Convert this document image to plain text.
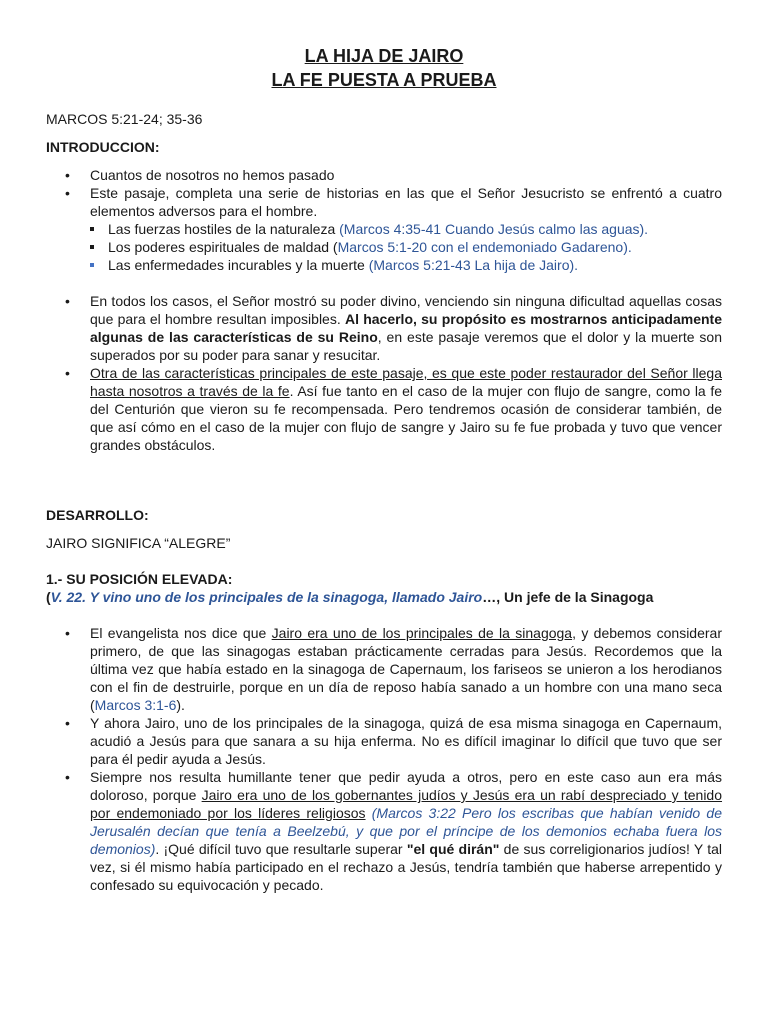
LA HIJA DE JAIRO

LA FE PUESTA A PRUEBA

MARCOS 5:21-24; 35-36

INTRODUCCION:

• Cuantos de nosotros no hemos pasado
• Este pasaje, completa una serie de historias en las que el Señor Jesucristo se enfrentó a cuatro elementos adversos para el hombre.
Las fuerzas hostiles de la naturaleza (Marcos 4:35-41 Cuando Jesús calmo las aguas).
Los poderes espirituales de maldad (Marcos 5:1-20 con el endemoniado Gadareno).
Las enfermedades incurables y la muerte (Marcos 5:21-43 La hija de Jairo).
• En todos los casos, el Señor mostró su poder divino, venciendo sin ninguna dificultad aquellas cosas que para el hombre resultan imposibles. Al hacerlo, su propósito es mostrarnos anticipadamente algunas de las características de su Reino, en este pasaje veremos que el dolor y la muerte son superados por su poder para sanar y resucitar.
• Otra de las características principales de este pasaje, es que este poder restaurador del Señor llega hasta nosotros a través de la fe. Así fue tanto en el caso de la mujer con flujo de sangre, como la fe del Centurión que vieron su fe recompensada. Pero tendremos ocasión de considerar también, de que así cómo en el caso de la mujer con flujo de sangre y Jairo su fe fue probada y tuvo que vencer grandes obstáculos.

DESARROLLO:

JAIRO SIGNIFICA “ALEGRE”

1.- SU POSICIÓN ELEVADA:

(V. 22. Y vino uno de los principales de la sinagoga, llamado Jairo…, Un jefe de la Sinagoga

• El evangelista nos dice que Jairo era uno de los principales de la sinagoga, y debemos considerar primero, de que las sinagogas estaban prácticamente cerradas para Jesús. Recordemos que la última vez que había estado en la sinagoga de Capernaum, los fariseos se unieron a los herodianos con el fin de destruirle, porque en un día de reposo había sanado a un hombre con una mano seca (Marcos 3:1-6).
• Y ahora Jairo, uno de los principales de la sinagoga, quizá de esa misma sinagoga en Capernaum, acudió a Jesús para que sanara a su hija enferma. No es difícil imaginar lo difícil que tuvo que ser para él pedir ayuda a Jesús.
• Siempre nos resulta humillante tener que pedir ayuda a otros, pero en este caso aun era más doloroso, porque Jairo era uno de los gobernantes judíos y Jesús era un rabí despreciado y tenido por endemoniado por los líderes religiosos (Marcos 3:22 Pero los escribas que habían venido de Jerusalén decían que tenía a Beelzebú, y que por el príncipe de los demonios echaba fuera los demonios). ¡Qué difícil tuvo que resultarle superar "el qué dirán" de sus correligionarios judíos! Y tal vez, si él mismo había participado en el rechazo a Jesús, tendría también que haberse arrepentido y confesado su equivocación y pecado.
